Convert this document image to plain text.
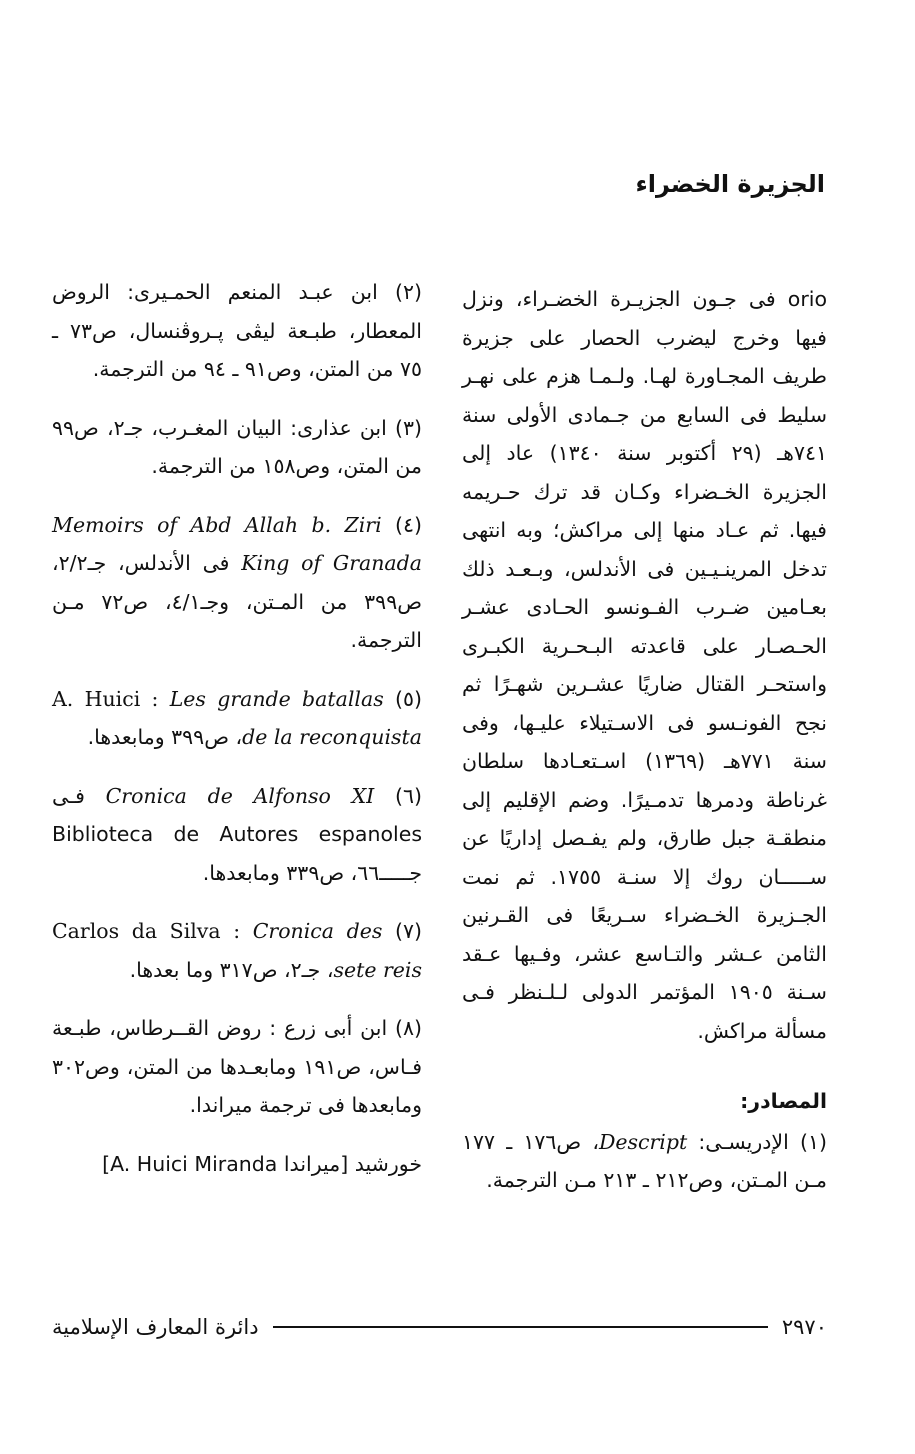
الجزيرة الخضراء

orio فى جـون الجزيـرة الخضـراء، ونزل فيها وخرج ليضرب الحصار على جزيرة طريف المجـاورة لهـا. ولـمـا هزم على نهـر سليط فى السابع من جـمادى الأولى سنة ٧٤١هـ (٢٩ أكتوبر سنة ١٣٤٠) عاد إلى الجزيرة الخـضراء وكـان قد ترك حـريمه فيها. ثم عـاد منها إلى مراكش؛ وبه انتهى تدخل المرينـيـين فى الأندلس، وبـعـد ذلك بعـامين ضـرب الفـونسو الحـادى عشـر الحـصـار على قاعدته البـحـرية الكبـرى واستحـر القتال ضاريًا عشـرين شهـرًا ثم نجح الفونـسو فى الاسـتيلاء عليـها، وفى سنة ٧٧١هـ (١٣٦٩) اسـتعـادها سلطان غرناطة ودمرها تدمـيرًا. وضم الإقليم إلى منطقـة جبل طارق، ولم يفـصل إداريًا عن ســـــان روك إلا سنـة ١٧٥٥. ثم نمت الجـزيرة الخـضراء سـريعًا فى القـرنين الثامن عـشر والتـاسع عشر، وفـيها عـقد سـنة ١٩٠٥ المؤتمر الدولى لـلـنظر فـى مسألة مراكش.

المصادر:

(١) الإدريسـى: Descript، ص١٧٦ ـ ١٧٧ مـن المـتن، وص٢١٢ ـ ٢١٣ مـن الترجمة.

(٢) ابن عبـد المنعم الحمـيرى: الروض المعطار، طبـعة ليڤى پـروڤنسال، ص٧٣ ـ ٧٥ من المتن، وص٩١ ـ ٩٤ من الترجمة.

(٣) ابن عذارى: البيان المغـرب، جـ٢، ص٩٩ من المتن، وص١٥٨ من الترجمة.

(٤) Memoirs of Abd Allah b. Ziri King of Granada فى الأندلس، جـ٢/٢، ص٣٩٩ من المـتن، وجـ٤/١، ص٧٢ مـن الترجمة.

(٥) A. Huici : Les grande batallas de la reconquista، ص٣٩٩ ومابعدها.

(٦) Cronica de Alfonso XI فـى Biblioteca de Autores espanoles جـــــ٦٦، ص٣٣٩ ومابعدها.

(٧) Carlos da Silva : Cronica des sete reis، جـ٢، ص٣١٧ وما بعدها.

(٨) ابن أبى زرع : روض القــرطاس، طبـعة فـاس، ص١٩١ ومابعـدها من المتن، وص٣٠٢ ومابعدها فى ترجمة ميراندا.

خورشيد [ميراندا A. Huici Miranda]

٢٩٧٠
دائرة المعارف الإسلامية
